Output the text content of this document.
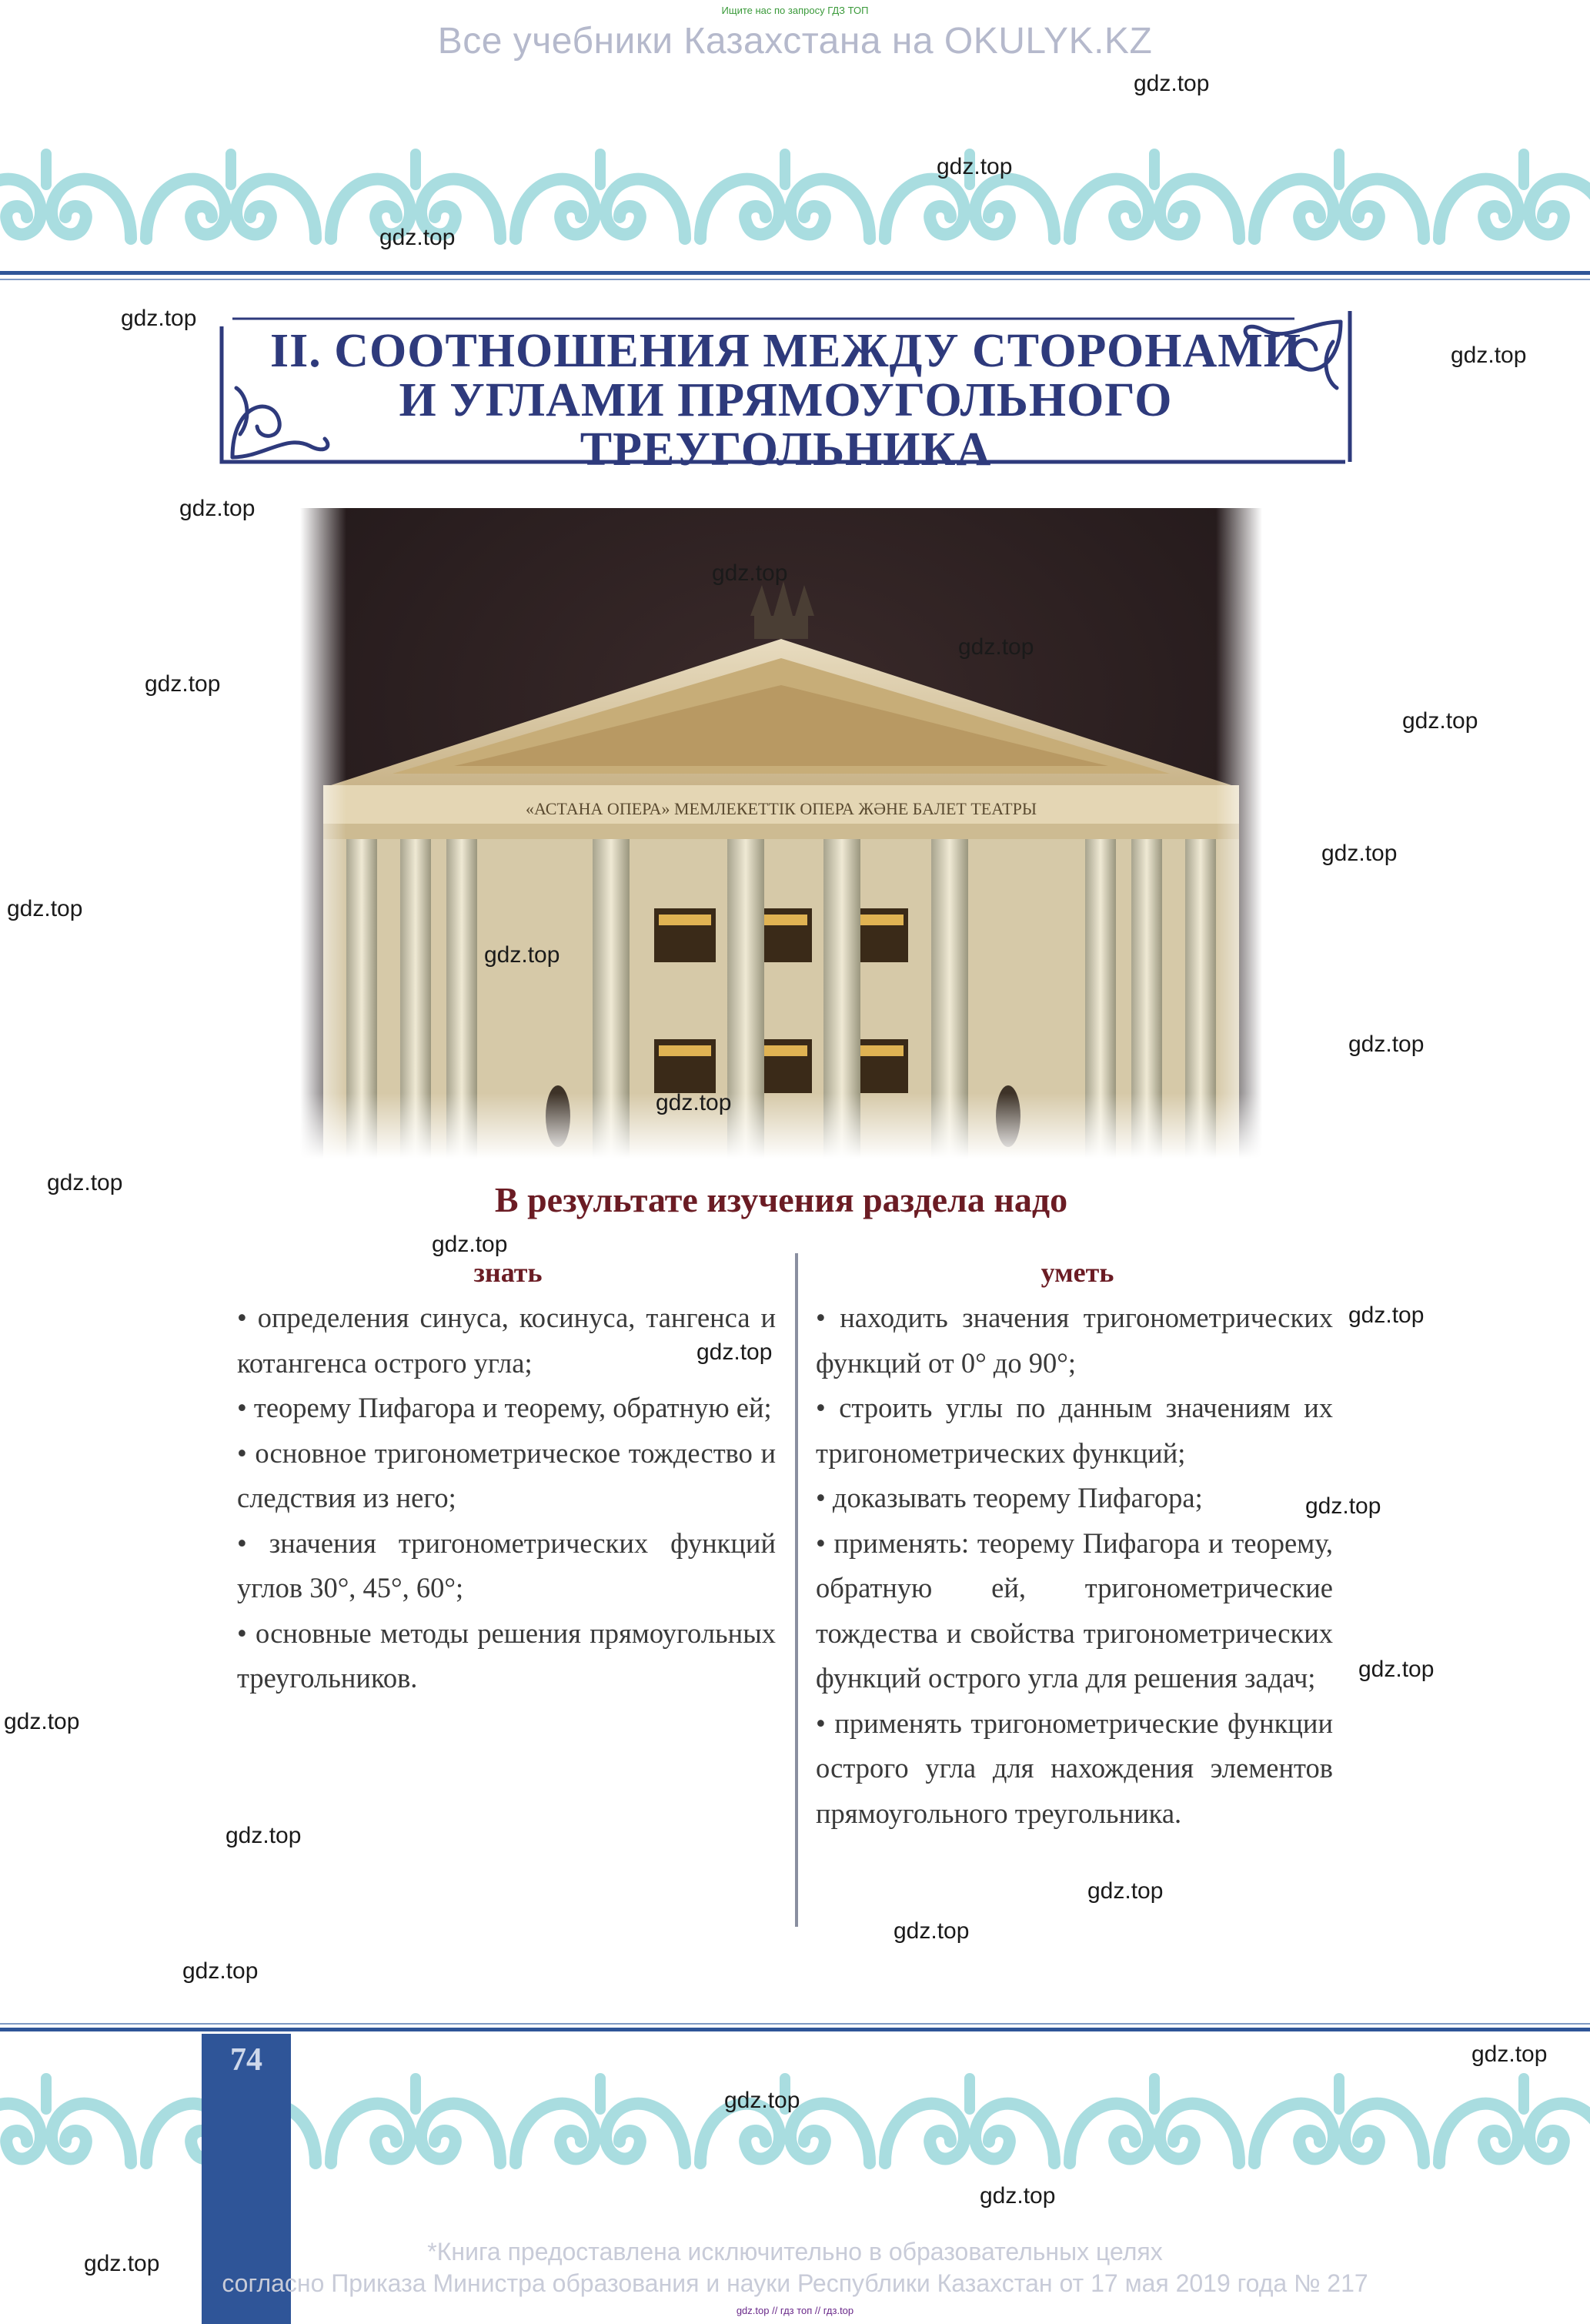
Ищите нас по запросу ГДЗ ТОП
Все учебники Казахстана на OKULYK.KZ
II. СООТНОШЕНИЯ МЕЖДУ СТОРОНАМИ
И УГЛАМИ ПРЯМОУГОЛЬНОГО
ТРЕУГОЛЬНИКА
«АСТАНА ОПЕРА» МЕМЛЕКЕТТІК ОПЕРА ЖӘНЕ БАЛЕТ ТЕАТРЫ
В результате изучения раздела надо
знать	уметь

• определения синуса, косинуса, тангенса и котангенса острого угла;

• теорему Пифагора и теорему, обратную ей;

• основное тригонометрическое тождество и следствия из него;

• значения тригонометрических функций углов 30°, 45°, 60°;

• основные методы решения прямоугольных треугольников.

• находить значения тригонометрических функций от 0° до 90°;

• строить углы по данным значениям их тригонометрических функций;

• доказывать теорему Пифагора;

• применять: теорему Пифагора и теорему, обратную ей, тригонометрические тождества и свойства тригонометрических функций острого угла для решения задач;

• применять тригонометрические функции острого угла для нахождения элементов прямоугольного треугольника.

74
*Книга предоставлена исключительно в образовательных целях
согласно Приказа Министра образования и науки Республики Казахстан от 17 мая 2019 года № 217
gdz.top // гдз топ // гдз.top
gdz.top
gdz.top
gdz.top
gdz.top
gdz.top
gdz.top
gdz.top
gdz.top
gdz.top
gdz.top
gdz.top
gdz.top
gdz.top
gdz.top
gdz.top
gdz.top
gdz.top
gdz.top
gdz.top
gdz.top
gdz.top
gdz.top
gdz.top
gdz.top
gdz.top
gdz.top
gdz.top
gdz.top
gdz.top
gdz.top
